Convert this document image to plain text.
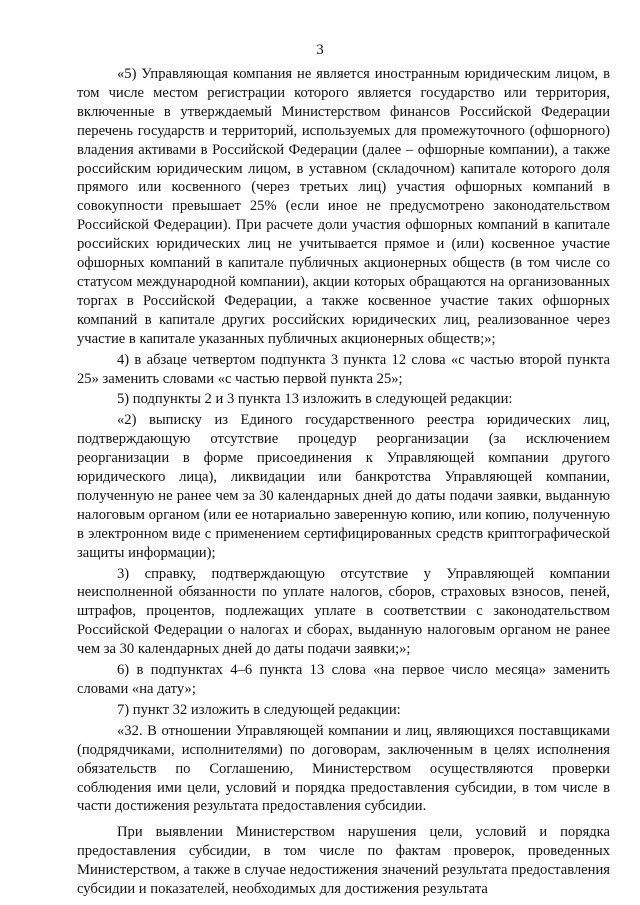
3

«5) Управляющая компания не является иностранным юридическим лицом, в том числе местом регистрации которого является государство или территория, включенные в утверждаемый Министерством финансов Российской Федерации перечень государств и территорий, используемых для промежуточного (офшорного) владения активами в Российской Федерации (далее – офшорные компании), а также российским юридическим лицом, в уставном (складочном) капитале которого доля прямого или косвенного (через третьих лиц) участия офшорных компаний в совокупности превышает 25% (если иное не предусмотрено законодательством Российской Федерации). При расчете доли участия офшорных компаний в капитале российских юридических лиц не учитывается прямое и (или) косвенное участие офшорных компаний в капитале публичных акционерных обществ (в том числе со статусом международной компании), акции которых обращаются на организованных торгах в Российской Федерации, а также косвенное участие таких офшорных компаний в капитале других российских юридических лиц, реализованное через участие в капитале указанных публичных акционерных обществ;»;

4) в абзаце четвертом подпункта 3 пункта 12 слова «с частью второй пункта 25» заменить словами «с частью первой пункта 25»;

5) подпункты 2 и 3 пункта 13 изложить в следующей редакции:

«2) выписку из Единого государственного реестра юридических лиц, подтверждающую отсутствие процедур реорганизации (за исключением реорганизации в форме присоединения к Управляющей компании другого юридического лица), ликвидации или банкротства Управляющей компании, полученную не ранее чем за 30 календарных дней до даты подачи заявки, выданную налоговым органом (или ее нотариально заверенную копию, или копию, полученную в электронном виде с применением сертифицированных средств криптографической защиты информации);

3) справку, подтверждающую отсутствие у Управляющей компании неисполненной обязанности по уплате налогов, сборов, страховых взносов, пеней, штрафов, процентов, подлежащих уплате в соответствии с законодательством Российской Федерации о налогах и сборах, выданную налоговым органом не ранее чем за 30 календарных дней до даты подачи заявки;»;

6) в подпунктах 4–6 пункта 13 слова «на первое число месяца» заменить словами «на дату»;

7) пункт 32 изложить в следующей редакции:

«32. В отношении Управляющей компании и лиц, являющихся поставщиками (подрядчиками, исполнителями) по договорам, заключенным в целях исполнения обязательств по Соглашению, Министерством осуществляются проверки соблюдения ими цели, условий и порядка предоставления субсидии, в том числе в части достижения результата предоставления субсидии.

При выявлении Министерством нарушения цели, условий и порядка предоставления субсидии, в том числе по фактам проверок, проведенных Министерством, а также в случае недостижения значений результата предоставления субсидии и показателей, необходимых для достижения результата
